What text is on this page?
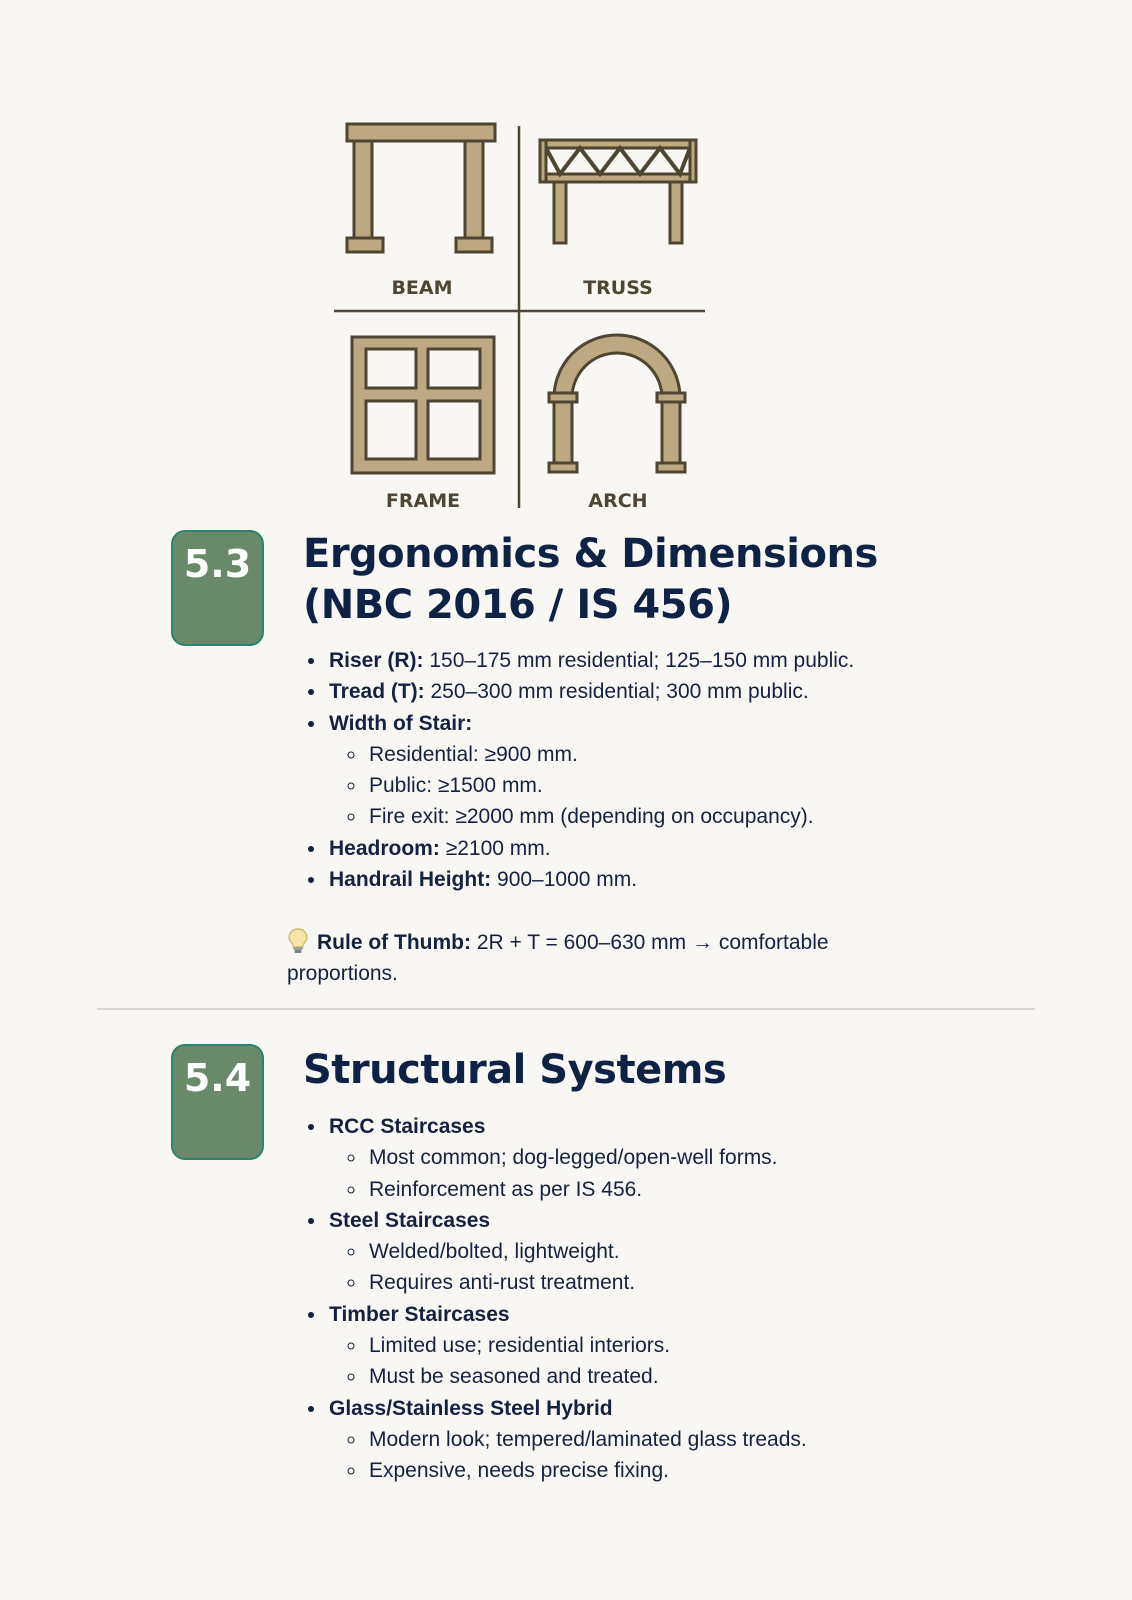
BEAM	TRUSS
FRAME	ARCH
5.3 Ergonomics & Dimensions
(NBC 2016 / IS 456)
• Riser (R): 150–175 mm residential; 125–150 mm public.
• Tread (T): 250–300 mm residential; 300 mm public.
• Width of Stair:
◦ Residential: ≥900 mm.
◦ Public: ≥1500 mm.
◦ Fire exit: ≥2000 mm (depending on occupancy).
• Headroom: ≥2100 mm.
• Handrail Height: 900–1000 mm.

Rule of Thumb: 2R + T = 600–630 mm → comfortable proportions.

5.4 Structural Systems
• RCC Staircases
◦ Most common; dog-legged/open-well forms.
◦ Reinforcement as per IS 456.
• Steel Staircases
◦ Welded/bolted, lightweight.
◦ Requires anti-rust treatment.
• Timber Staircases
◦ Limited use; residential interiors.
◦ Must be seasoned and treated.
• Glass/Stainless Steel Hybrid
◦ Modern look; tempered/laminated glass treads.
◦ Expensive, needs precise fixing.
